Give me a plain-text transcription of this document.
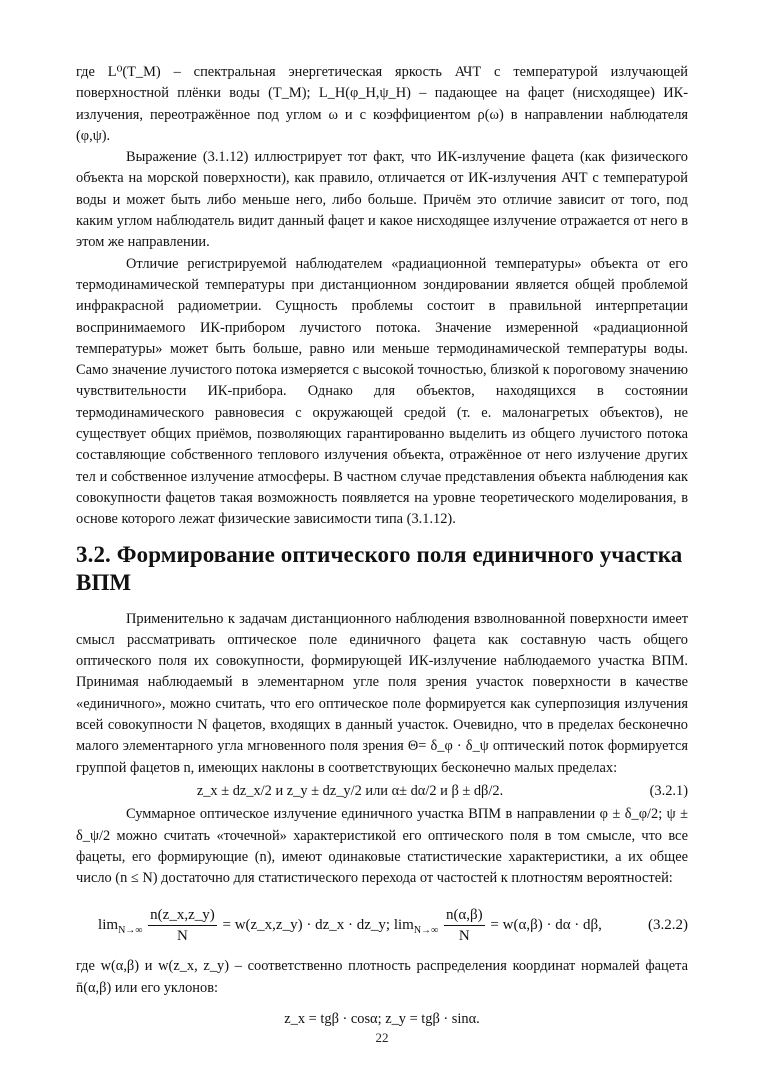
где L⁰(T_М) – спектральная энергетическая яркость АЧТ с температурой излучающей поверхностной плёнки воды (T_М); L_Н(φ_Н,ψ_Н) – падающее на фацет (нисходящее) ИК-излучения, переотражённое под углом ω и с коэффициентом ρ(ω) в направлении наблюдателя (φ,ψ).

Выражение (3.1.12) иллюстрирует тот факт, что ИК-излучение фацета (как физического объекта на морской поверхности), как правило, отличается от ИК-излучения АЧТ с температурой воды и может быть либо меньше него, либо больше. Причём это отличие зависит от того, под каким углом наблюдатель видит данный фацет и какое нисходящее излучение отражается от него в этом же направлении.

Отличие регистрируемой наблюдателем «радиационной температуры» объекта от его термодинамической температуры при дистанционном зондировании является общей проблемой инфракрасной радиометрии. Сущность проблемы состоит в правильной интерпретации воспринимаемого ИК-прибором лучистого потока. Значение измеренной «радиационной температуры» может быть больше, равно или меньше термодинамической температуры воды. Само значение лучистого потока измеряется с высокой точностью, близкой к пороговому значению чувствительности ИК-прибора. Однако для объектов, находящихся в состоянии термодинамического равновесия с окружающей средой (т. е. малонагретых объектов), не существует общих приёмов, позволяющих гарантированно выделить из общего лучистого потока составляющие собственного теплового излучения объекта, отражённое от него излучение других тел и собственное излучение атмосферы. В частном случае представления объекта наблюдения как совокупности фацетов такая возможность появляется на уровне теоретического моделирования, в основе которого лежат физические зависимости типа (3.1.12).

3.2. Формирование оптического поля единичного участка ВПМ

Применительно к задачам дистанционного наблюдения взволнованной поверхности имеет смысл рассматривать оптическое поле единичного фацета как составную часть общего оптического поля их совокупности, формирующей ИК-излучение наблюдаемого участка ВПМ. Принимая наблюдаемый в элементарном угле поля зрения участок поверхности в качестве «единичного», можно считать, что его оптическое поле формируется как суперпозиция излучения всей совокупности N фацетов, входящих в данный участок. Очевидно, что в пределах бесконечно малого элементарного угла мгновенного поля зрения Θ= δ_φ · δ_ψ оптический поток формируется группой фацетов n, имеющих наклоны в соответствующих бесконечно малых пределах:

z_x ± dz_x/2 и z_y ± dz_y/2 или α± dα/2 и β ± dβ/2.	(3.2.1)

Суммарное оптическое излучение единичного участка ВПМ в направлении φ ± δ_φ/2; ψ ± δ_ψ/2 можно считать «точечной» характеристикой его оптического поля в том смысле, что все фацеты, его формирующие (n), имеют одинаковые статистические характеристики, а их общее число (n ≤ N) достаточно для статистического перехода от частостей к плотностям вероятностей:

$\lim_{N\to\infty} \frac{n(z\_x,z\_y)}{N}$ = w(z_x,z_y) · dz_x · dz_y; $\lim_{N\to\infty} \frac{n(\alpha,\beta)}{N} = w(\alpha,\beta) \cdot d\alpha \cdot d\beta$,	(3.2.2)

где w(α,β) и w(z_x, z_y) – соответственно плотность распределения координат нормалей фацета n̄(α,β) или его уклонов:

z_x = tgβ · cosα; z_y = tgβ · sinα.
22
